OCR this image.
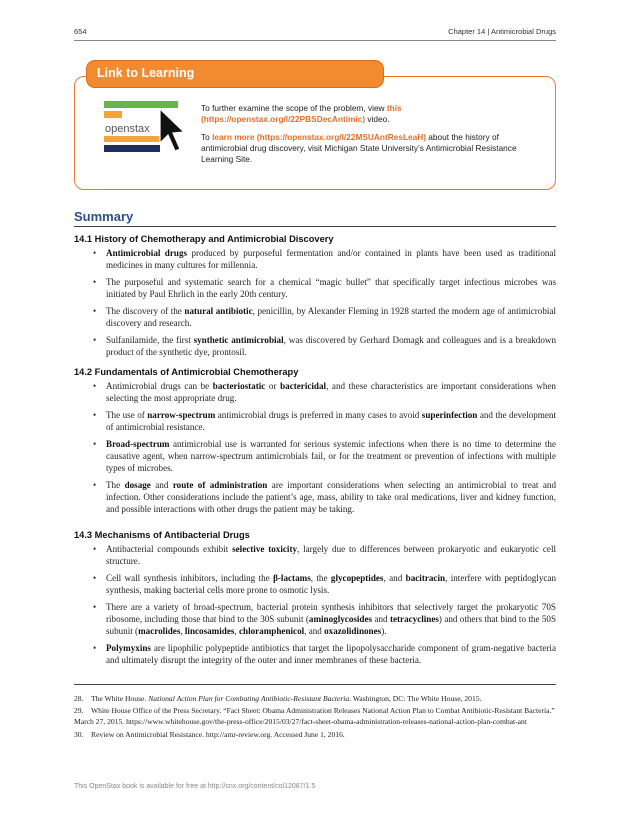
654	Chapter 14 | Antimicrobial Drugs
Link to Learning
openstax

To further examine the scope of the problem, view this (https://openstax.org/l/22PBSDecAntimic) video.

To learn more (https://openstax.org/l/22MSUAntResLeaH) about the history of antimicrobial drug discovery, visit Michigan State University’s Antimicrobial Resistance Learning Site.

Summary
14.1 History of Chemotherapy and Antimicrobial Discovery
• Antimicrobial drugs produced by purposeful fermentation and/or contained in plants have been used as traditional medicines in many cultures for millennia.
• The purposeful and systematic search for a chemical “magic bullet” that specifically target infectious microbes was initiated by Paul Ehrlich in the early 20th century.
• The discovery of the natural antibiotic, penicillin, by Alexander Fleming in 1928 started the modern age of antimicrobial discovery and research.
• Sulfanilamide, the first synthetic antimicrobial, was discovered by Gerhard Domagk and colleagues and is a breakdown product of the synthetic dye, prontosil.
14.2 Fundamentals of Antimicrobial Chemotherapy
• Antimicrobial drugs can be bacteriostatic or bactericidal, and these characteristics are important considerations when selecting the most appropriate drug.
• The use of narrow-spectrum antimicrobial drugs is preferred in many cases to avoid superinfection and the development of antimicrobial resistance.
• Broad-spectrum antimicrobial use is warranted for serious systemic infections when there is no time to determine the causative agent, when narrow-spectrum antimicrobials fail, or for the treatment or prevention of infections with multiple types of microbes.
• The dosage and route of administration are important considerations when selecting an antimicrobial to treat and infection. Other considerations include the patient’s age, mass, ability to take oral medications, liver and kidney function, and possible interactions with other drugs the patient may be taking.
14.3 Mechanisms of Antibacterial Drugs
• Antibacterial compounds exhibit selective toxicity, largely due to differences between prokaryotic and eukaryotic cell structure.
• Cell wall synthesis inhibitors, including the β-lactams, the glycopeptides, and bacitracin, interfere with peptidoglycan synthesis, making bacterial cells more prone to osmotic lysis.
• There are a variety of broad-spectrum, bacterial protein synthesis inhibitors that selectively target the prokaryotic 70S ribosome, including those that bind to the 30S subunit (aminoglycosides and tetracyclines) and others that bind to the 50S subunit (macrolides, lincosamides, chloramphenicol, and oxazolidinones).
• Polymyxins are lipophilic polypeptide antibiotics that target the lipopolysaccharide component of gram-negative bacteria and ultimately disrupt the integrity of the outer and inner membranes of these bacteria.
28. The White House. National Action Plan for Combating Antibiotic-Resistant Bacteria. Washington, DC: The White House, 2015.
29. White House Office of the Press Secretary. “Fact Sheet: Obama Administration Releases National Action Plan to Combat Antibiotic-Resistant Bacteria.” March 27, 2015. https://www.whitehouse.gov/the-press-office/2015/03/27/fact-sheet-obama-administration-releases-national-action-plan-combat-ant
30. Review on Antimicrobial Resistance. http://amr-review.org. Accessed June 1, 2016.
This OpenStax book is available for free at http://cnx.org/content/col12087/1.5
